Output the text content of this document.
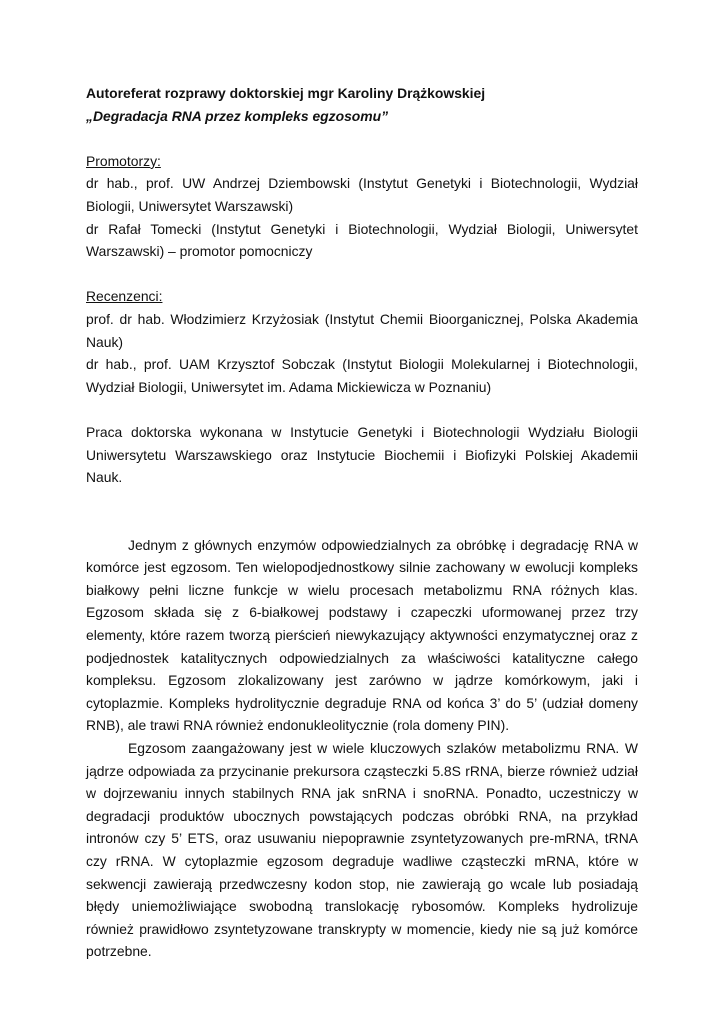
Autoreferat rozprawy doktorskiej mgr Karoliny Drążkowskiej

„Degradacja RNA przez kompleks egzosomu”

Promotorzy:

dr hab., prof. UW Andrzej Dziembowski (Instytut Genetyki i Biotechnologii, Wydział Biologii, Uniwersytet Warszawski)

dr Rafał Tomecki (Instytut Genetyki i Biotechnologii, Wydział Biologii, Uniwersytet Warszawski) – promotor pomocniczy

Recenzenci:

prof. dr hab. Włodzimierz Krzyżosiak (Instytut Chemii Bioorganicznej, Polska Akademia Nauk)

dr hab., prof. UAM Krzysztof Sobczak (Instytut Biologii Molekularnej i Biotechnologii, Wydział Biologii, Uniwersytet im. Adama Mickiewicza w Poznaniu)

Praca doktorska wykonana w Instytucie Genetyki i Biotechnologii Wydziału Biologii Uniwersytetu Warszawskiego oraz Instytucie Biochemii i Biofizyki Polskiej Akademii Nauk.

Jednym z głównych enzymów odpowiedzialnych za obróbkę i degradację RNA w komórce jest egzosom. Ten wielopodjednostkowy silnie zachowany w ewolucji kompleks białkowy pełni liczne funkcje w wielu procesach metabolizmu RNA różnych klas. Egzosom składa się z 6-białkowej podstawy i czapeczki uformowanej przez trzy elementy, które razem tworzą pierścień niewykazujący aktywności enzymatycznej oraz z podjednostek katalitycznych odpowiedzialnych za właściwości katalityczne całego kompleksu. Egzosom zlokalizowany jest zarówno w jądrze komórkowym, jaki i cytoplazmie. Kompleks hydrolitycznie degraduje RNA od końca 3’ do 5’ (udział domeny RNB), ale trawi RNA również endonukleolitycznie (rola domeny PIN).

Egzosom zaangażowany jest w wiele kluczowych szlaków metabolizmu RNA. W jądrze odpowiada za przycinanie prekursora cząsteczki 5.8S rRNA, bierze również udział w dojrzewaniu innych stabilnych RNA jak snRNA i snoRNA. Ponadto, uczestniczy w degradacji produktów ubocznych powstających podczas obróbki RNA, na przykład intronów czy 5’ ETS, oraz usuwaniu niepoprawnie zsyntetyzowanych pre-mRNA, tRNA czy rRNA. W cytoplazmie egzosom degraduje wadliwe cząsteczki mRNA, które w sekwencji zawierają przedwczesny kodon stop, nie zawierają go wcale lub posiadają błędy uniemożliwiające swobodną translokację rybosomów. Kompleks hydrolizuje również prawidłowo zsyntetyzowane transkrypty w momencie, kiedy nie są już komórce potrzebne.
